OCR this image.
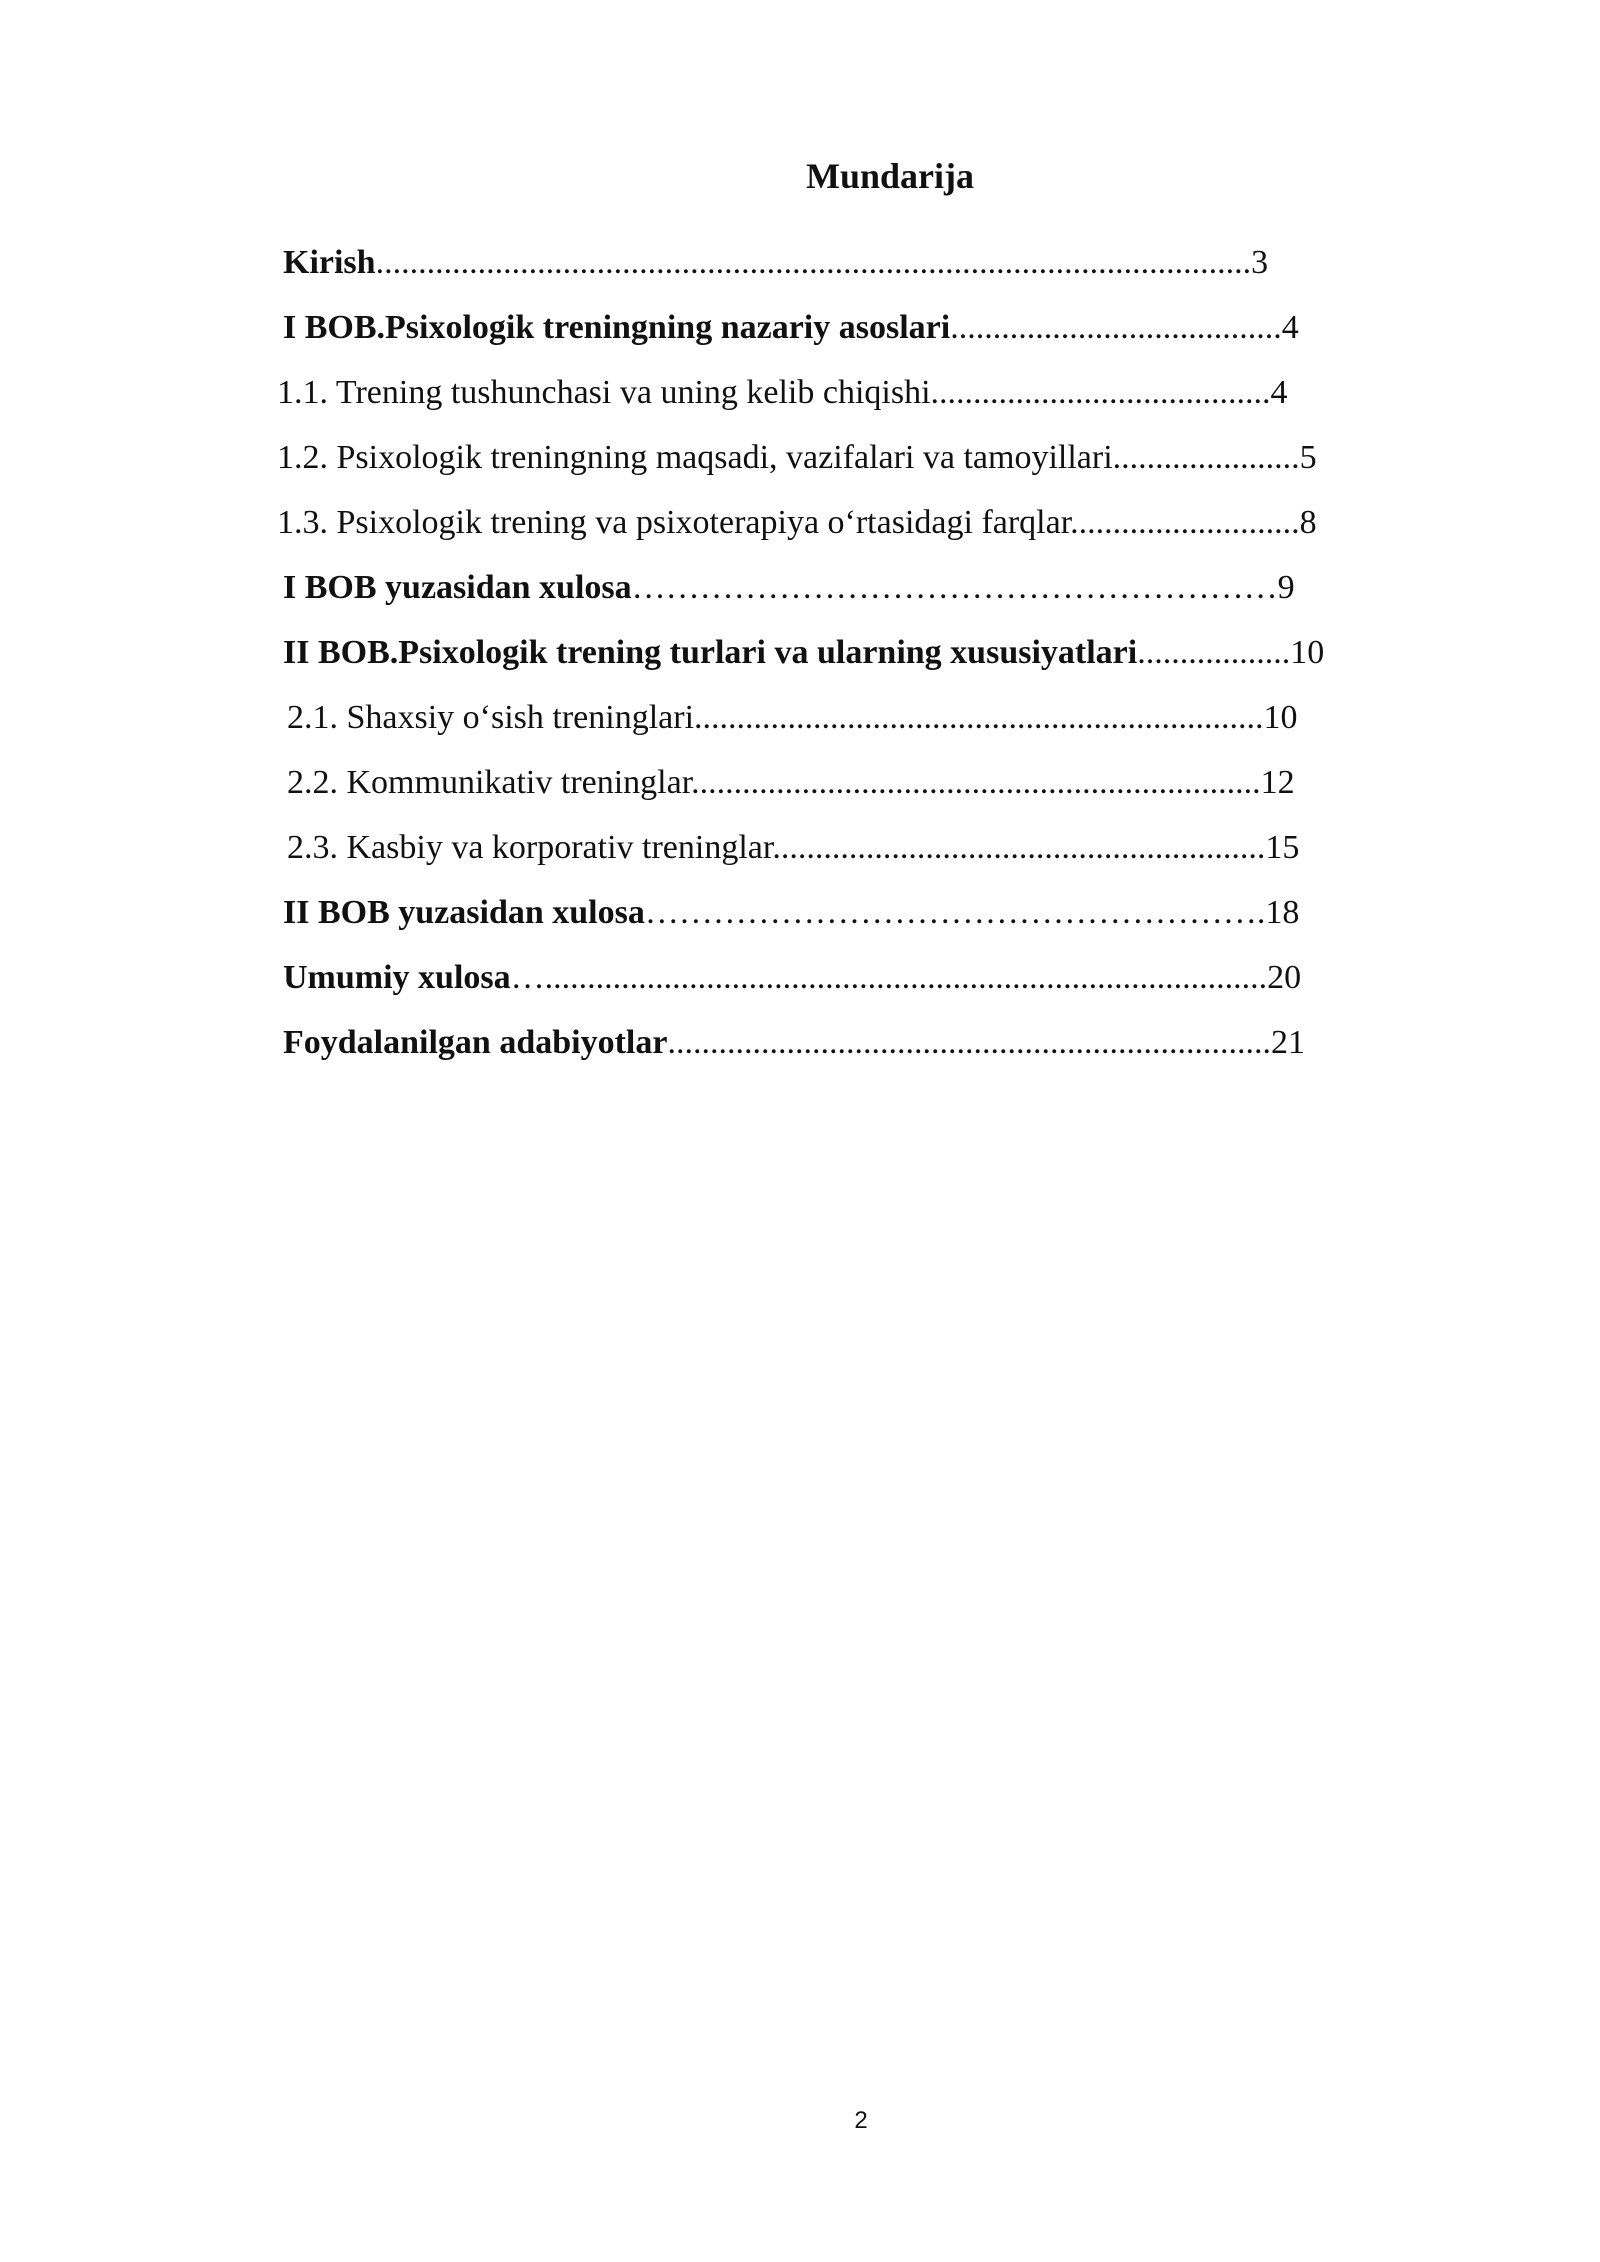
Mundarija
Kirish.......................................................................................................3
I BOB.Psixologik treningning nazariy asoslari.......................................4
1.1. Trening tushunchasi va uning kelib chiqishi........................................4
1.2. Psixologik treningning maqsadi, vazifalari va tamoyillari......................5
1.3. Psixologik trening va psixoterapiya o‘rtasidagi farqlar...........................8
I BOB yuzasidan xulosa…………………………………………………9
II BOB.Psixologik trening turlari va ularning xususiyatlari..................10
2.1. Shaxsiy o‘sish treninglari...................................................................10
2.2. Kommunikativ treninglar...................................................................12
2.3. Kasbiy va korporativ treninglar..........................................................15
II BOB yuzasidan xulosa……………………………………………….18
Umumiy xulosa….....................................................................................20
Foydalanilgan adabiyotlar.......................................................................21
2
